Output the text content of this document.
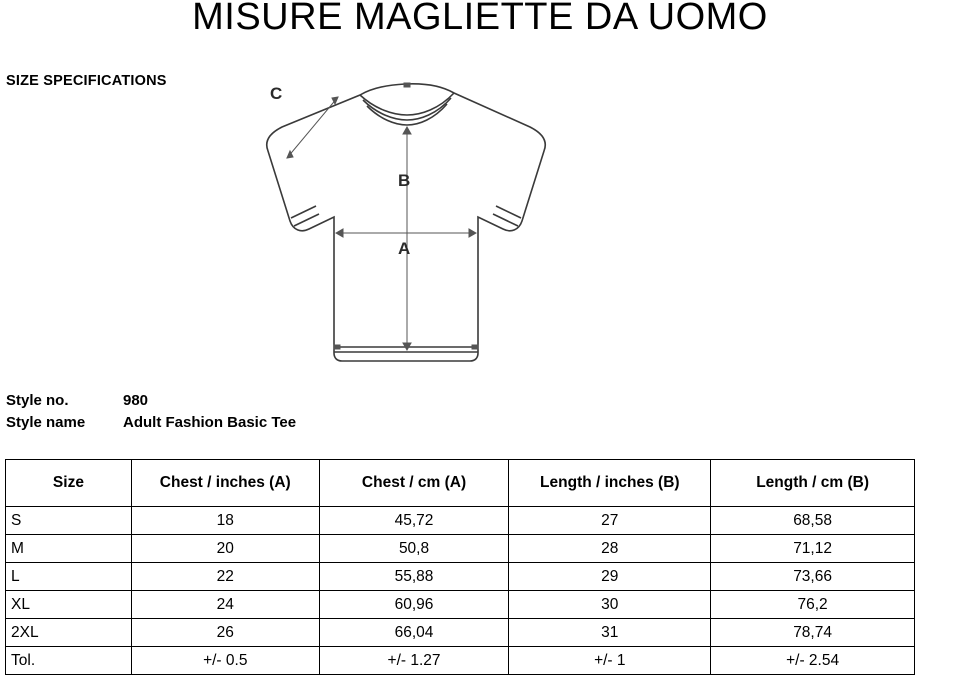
MISURE MAGLIETTE DA UOMO
SIZE SPECIFICATIONS
C
B
A
Style no.	980
Style name	Adult Fashion Basic Tee
Size	Chest / inches (A)	Chest / cm (A)	Length / inches (B)	Length / cm (B)
S	18	45,72	27	68,58
M	20	50,8	28	71,12
L	22	55,88	29	73,66
XL	24	60,96	30	76,2
2XL	26	66,04	31	78,74
Tol.	+/- 0.5	+/- 1.27	+/- 1	+/- 2.54
